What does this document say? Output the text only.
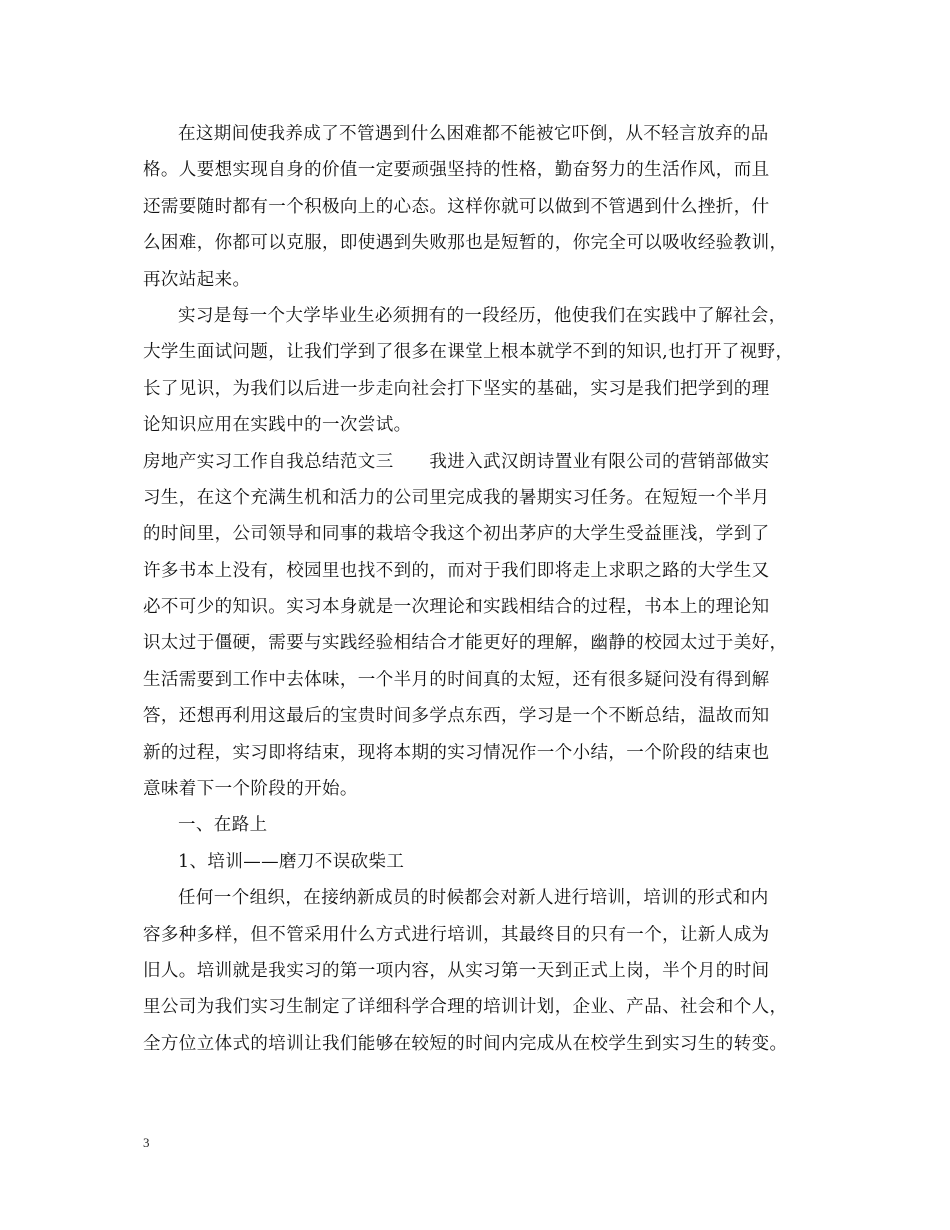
在这期间使我养成了不管遇到什么困难都不能被它吓倒，从不轻言放弃的品
格。人要想实现自身的价值一定要顽强坚持的性格，勤奋努力的生活作风，而且
还需要随时都有一个积极向上的心态。这样你就可以做到不管遇到什么挫折，什
么困难，你都可以克服，即使遇到失败那也是短暂的，你完全可以吸收经验教训，
再次站起来。
实习是每一个大学毕业生必须拥有的一段经历，他使我们在实践中了解社会，
大学生面试问题，让我们学到了很多在课堂上根本就学不到的知识,也打开了视野，
长了见识，为我们以后进一步走向社会打下坚实的基础，实习是我们把学到的理
论知识应用在实践中的一次尝试。
房地产实习工作自我总结范文三　　我进入武汉朗诗置业有限公司的营销部做实
习生，在这个充满生机和活力的公司里完成我的暑期实习任务。在短短一个半月
的时间里，公司领导和同事的栽培令我这个初出茅庐的大学生受益匪浅，学到了
许多书本上没有，校园里也找不到的，而对于我们即将走上求职之路的大学生又
必不可少的知识。实习本身就是一次理论和实践相结合的过程，书本上的理论知
识太过于僵硬，需要与实践经验相结合才能更好的理解，幽静的校园太过于美好，
生活需要到工作中去体味，一个半月的时间真的太短，还有很多疑问没有得到解
答，还想再利用这最后的宝贵时间多学点东西，学习是一个不断总结，温故而知
新的过程，实习即将结束，现将本期的实习情况作一个小结，一个阶段的结束也
意味着下一个阶段的开始。
一、在路上
1、培训——磨刀不误砍柴工
任何一个组织，在接纳新成员的时候都会对新人进行培训，培训的形式和内
容多种多样，但不管采用什么方式进行培训，其最终目的只有一个，让新人成为
旧人。培训就是我实习的第一项内容，从实习第一天到正式上岗，半个月的时间
里公司为我们实习生制定了详细科学合理的培训计划，企业、产品、社会和个人，
全方位立体式的培训让我们能够在较短的时间内完成从在校学生到实习生的转变。
3
